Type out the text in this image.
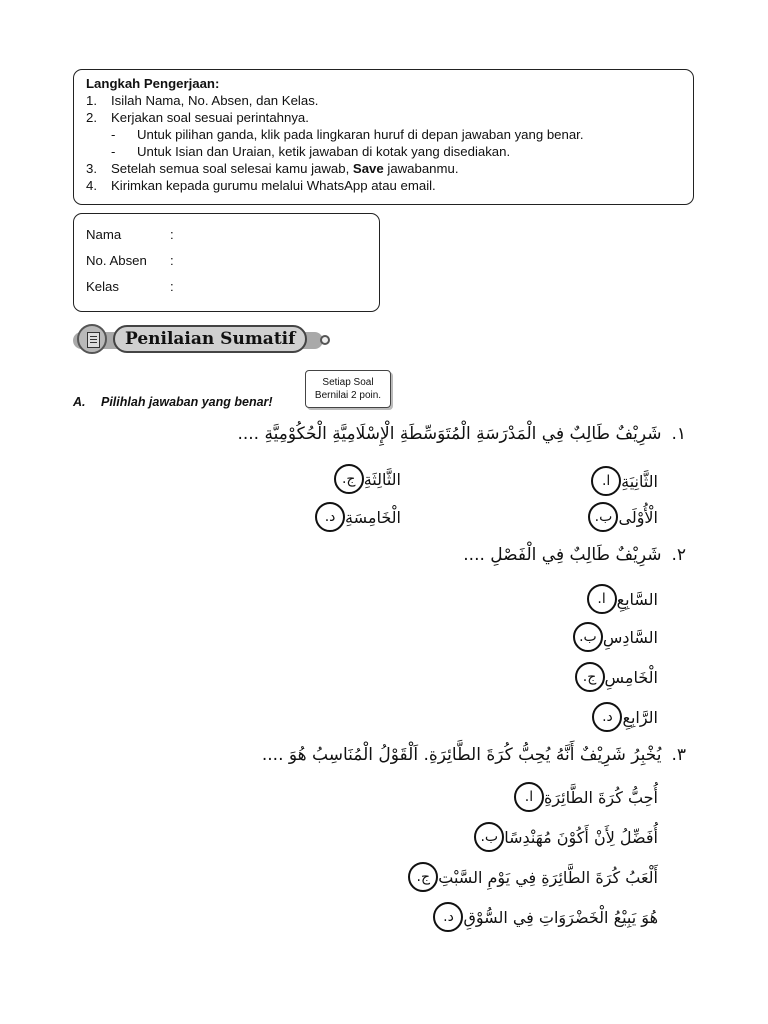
Langkah Pengerjaan:
1.	Isilah Nama, No. Absen, dan Kelas.
2.	Kerjakan soal sesuai perintahnya.
-	Untuk pilihan ganda, klik pada lingkaran huruf di depan jawaban yang benar.
-	Untuk Isian dan Uraian, ketik jawaban di kotak yang disediakan.
3.	Setelah semua soal selesai kamu jawab, Save jawabanmu.
4.	Kirimkan kepada gurumu melalui WhatsApp atau email.
Nama	:
No. Absen	:
Kelas	:
Penilaian Sumatif
A. Pilihlah jawaban yang benar!
Setiap Soal
Bernilai 2 poin.
١.شَرِيْفٌ طَالِبٌ فِي الْمَدْرَسَةِ الْمُتَوَسِّطَةِ الْإِسْلَامِيَّةِ الْحُكُوْمِيَّةِ ....
ا. الثَّانِيَةِ
ب. الْأُوْلَى
ج. الثَّالِثَةِ
د. الْخَامِسَةِ
٢.شَرِيْفٌ طَالِبٌ فِي الْفَصْلِ ....
ا. السَّابِعِ
ب. السَّادِسِ
ج. الْخَامِسِ
د. الرَّابِعِ
٣.يُخْبِرُ شَرِيْفٌ أَنَّهُ يُحِبُّ كُرَةَ الطَّائِرَةِ. اَلْقَوْلُ الْمُنَاسِبُ هُوَ ....
ا. أُحِبُّ كُرَةَ الطَّائِرَةِ
ب. أُفَضِّلُ لِأَنْ أَكُوْنَ مُهَنْدِسًا
ج. أَلْعَبُ كُرَةَ الطَّائِرَةِ فِي يَوْمِ السَّبْتِ
د. هُوَ يَبِيْعُ الْخَضْرَوَاتِ فِي السُّوْقِ
